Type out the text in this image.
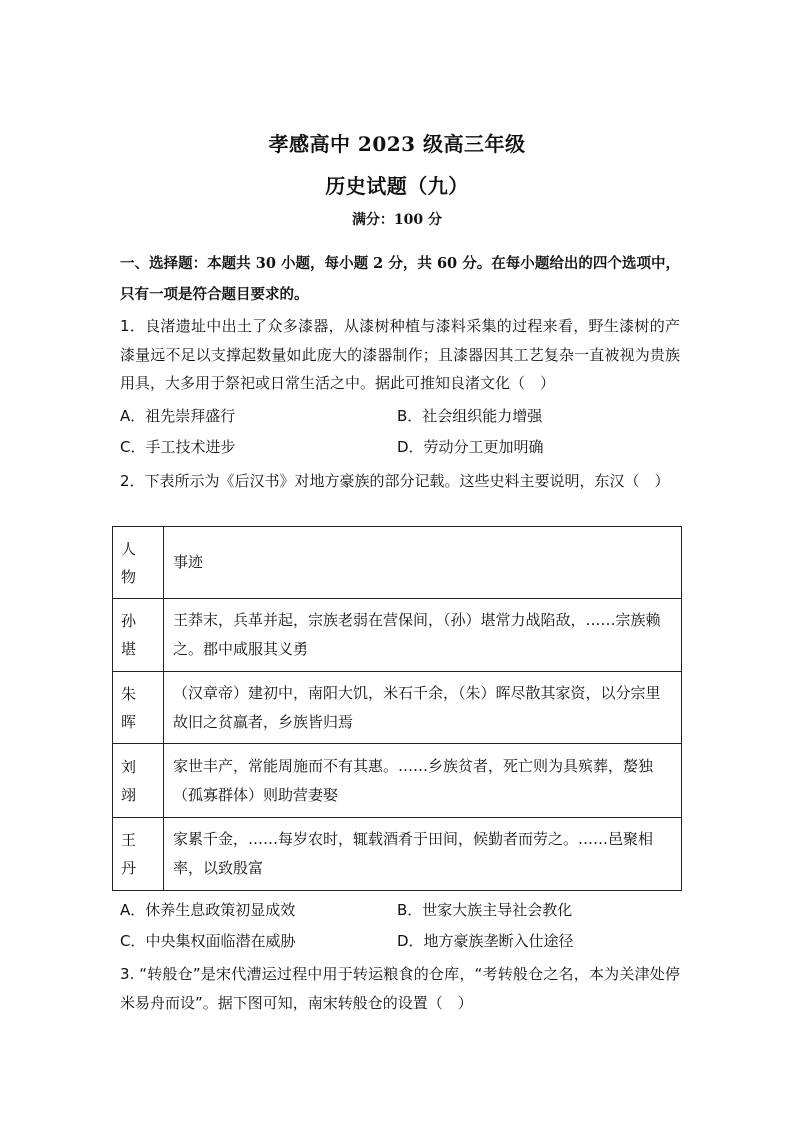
孝感高中 2023 级高三年级
历史试题（九）
满分：100 分
一、选择题：本题共 30 小题，每小题 2 分，共 60 分。在每小题给出的四个选项中，只有一项是符合题目要求的。
1．良渚遗址中出土了众多漆器，从漆树种植与漆料采集的过程来看，野生漆树的产漆量远不足以支撑起数量如此庞大的漆器制作；且漆器因其工艺复杂一直被视为贵族用具，大多用于祭祀或日常生活之中。据此可推知良渚文化（　）
A．祖先崇拜盛行	B．社会组织能力增强
C．手工技术进步	D．劳动分工更加明确
2．下表所示为《后汉书》对地方豪族的部分记载。这些史料主要说明，东汉（　）
人物	事迹

孙堪	王莽末，兵革并起，宗族老弱在营保间，（孙）堪常力战陷敌，……宗族赖之。郡中咸服其义勇

朱晖	（汉章帝）建初中，南阳大饥，米石千余，（朱）晖尽散其家资，以分宗里故旧之贫羸者，乡族皆归焉

刘翊	家世丰产，常能周施而不有其惠。……乡族贫者，死亡则为具殡葬，嫠独（孤寡群体）则助营妻娶

王丹	家累千金，……每岁农时，辄载酒肴于田间，候勤者而劳之。……邑聚相率，以致殷富
A．休养生息政策初显成效	B．世家大族主导社会教化
C．中央集权面临潜在威胁	D．地方豪族垄断入仕途径
3. “转般仓”是宋代漕运过程中用于转运粮食的仓库，“考转般仓之名，本为关津处停米易舟而设”。据下图可知，南宋转般仓的设置（　）
